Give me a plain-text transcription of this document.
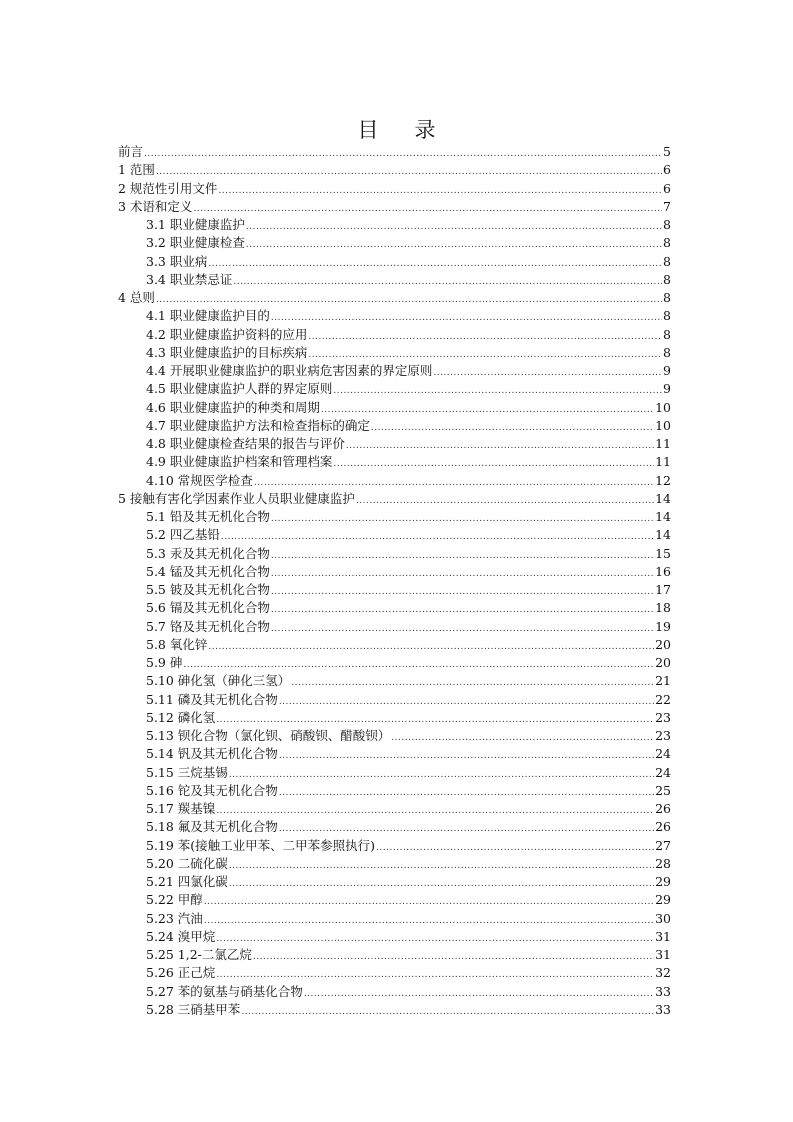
目 录
前言 .....	5
1 范围 .....	6
2 规范性引用文件 .....	6
3 术语和定义 .....	7
3.1 职业健康监护 .....	8
3.2 职业健康检查 .....	8
3.3 职业病 .....	8
3.4 职业禁忌证 .....	8
4 总则 .....	8
4.1 职业健康监护目的 .....	8
4.2 职业健康监护资料的应用 .....	8
4.3 职业健康监护的目标疾病 .....	8
4.4 开展职业健康监护的职业病危害因素的界定原则 .....	9
4.5 职业健康监护人群的界定原则 .....	9
4.6 职业健康监护的种类和周期 .....	10
4.7 职业健康监护方法和检查指标的确定 .....	10
4.8 职业健康检查结果的报告与评价 .....	11
4.9 职业健康监护档案和管理档案 .....	11
4.10 常规医学检查 .....	12
5 接触有害化学因素作业人员职业健康监护 .....	14
5.1 铅及其无机化合物 .....	14
5.2 四乙基铅 .....	14
5.3 汞及其无机化合物 .....	15
5.4 锰及其无机化合物 .....	16
5.5 铍及其无机化合物 .....	17
5.6 镉及其无机化合物 .....	18
5.7 铬及其无机化合物 .....	19
5.8 氧化锌 .....	20
5.9 砷 .....	20
5.10 砷化氢（砷化三氢） .....	21
5.11 磷及其无机化合物 .....	22
5.12 磷化氢 .....	23
5.13 钡化合物（氯化钡、硝酸钡、醋酸钡） .....	23
5.14 钒及其无机化合物 .....	24
5.15 三烷基锡 .....	24
5.16 铊及其无机化合物 .....	25
5.17 羰基镍 .....	26
5.18 氟及其无机化合物 .....	26
5.19 苯(接触工业甲苯、二甲苯参照执行) .....	27
5.20 二硫化碳 .....	28
5.21 四氯化碳 .....	29
5.22 甲醇 .....	29
5.23 汽油 .....	30
5.24 溴甲烷 .....	31
5.25 1,2-二氯乙烷 .....	31
5.26 正己烷 .....	32
5.27 苯的氨基与硝基化合物 .....	33
5.28 三硝基甲苯 .....	33
